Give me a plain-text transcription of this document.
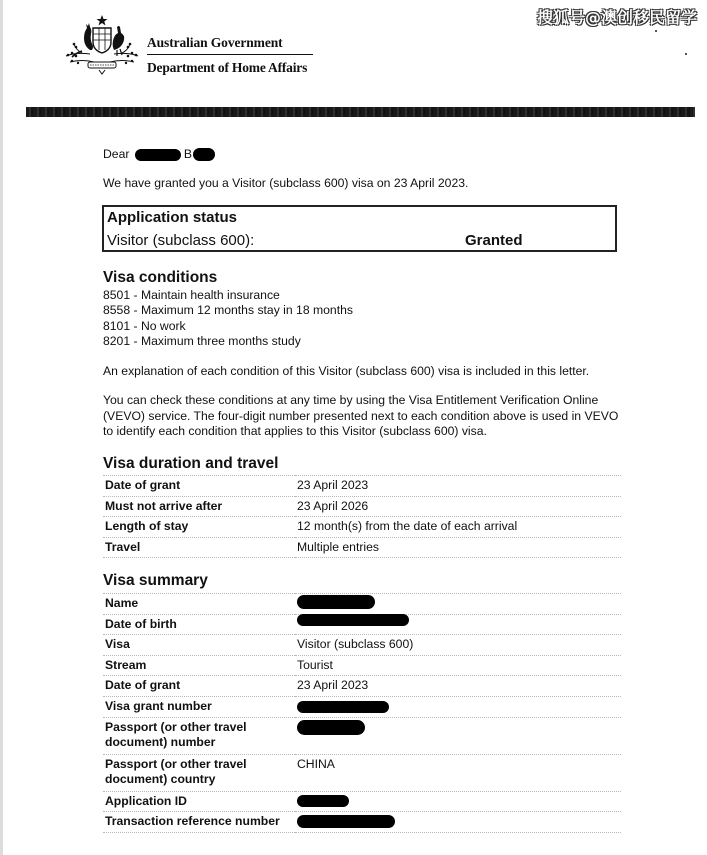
Australian Government
Department of Home Affairs
搜狐号@澳创移民留学
Dear	B
We have granted you a Visitor (subclass 600) visa on 23 April 2023.
Application status
Visitor (subclass 600):	Granted
Visa conditions
8501 - Maintain health insurance
8558 - Maximum 12 months stay in 18 months
8101 - No work
8201 - Maximum three months study
An explanation of each condition of this Visitor (subclass 600) visa is included in this letter.
You can check these conditions at any time by using the Visa Entitlement Verification Online (VEVO) service. The four-digit number presented next to each condition above is used in VEVO to identify each condition that applies to this Visitor (subclass 600) visa.
Visa duration and travel
Date of grant	23 April 2023
Must not arrive after	23 April 2026
Length of stay	12 month(s) from the date of each arrival
Travel	Multiple entries
Visa summary
Name	
Date of birth	
Visa	Visitor (subclass 600)
Stream	Tourist
Date of grant	23 April 2023
Visa grant number	
Passport (or other travel document) number	
Passport (or other travel document) country	CHINA
Application ID	
Transaction reference number	
